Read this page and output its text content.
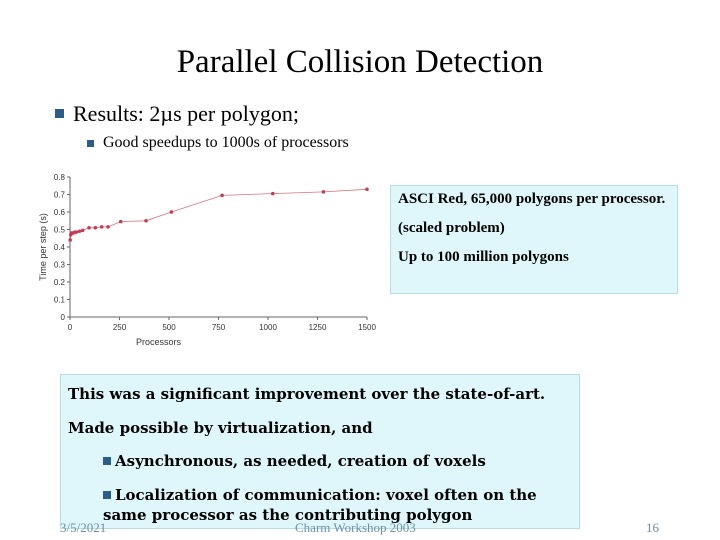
Parallel Collision Detection
Results: 2µs per polygon;
Good speedups to 1000s of processors
0
0.1
0.2
0.3
0.4
0.5
0.6
0.7
0.8
0	250	500	750	1000	1250	1500
Processors
Time per step (s)
ASCI Red, 65,000 polygons per processor.
(scaled problem)
Up to 100 million polygons
This was a significant improvement over the state-of-art.
Made possible by virtualization, and
Asynchronous, as needed, creation of voxels
Localization of communication: voxel often on the
same processor as the contributing polygon
3/5/2021	Charm Workshop 2003	16
